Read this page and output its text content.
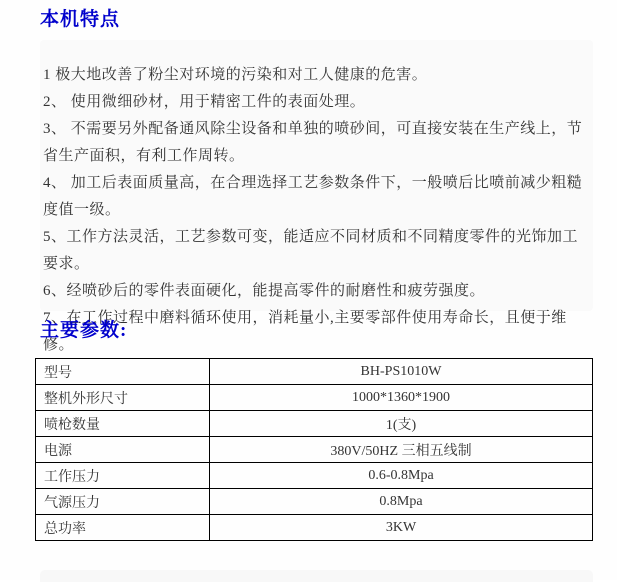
本机特点

1 极大地改善了粉尘对环境的污染和对工人健康的危害。

2、 使用微细砂材，用于精密工件的表面处理。

3、 不需要另外配备通风除尘设备和单独的喷砂间，可直接安装在生产线上，节省生产面积，有利工作周转。

4、 加工后表面质量高，在合理选择工艺参数条件下，一般喷后比喷前减少粗糙度值一级。

5、工作方法灵活，工艺参数可变，能适应不同材质和不同精度零件的光饰加工要求。

6、经喷砂后的零件表面硬化，能提高零件的耐磨性和疲劳强度。

7、在工作过程中磨料循环使用，消耗量小,主要零部件使用寿命长，且便于维修。

主要参数:
型号	BH-PS1010W
整机外形尺寸	1000*1360*1900
喷枪数量	1(支)
电源	380V/50HZ 三相五线制
工作压力	0.6-0.8Mpa
气源压力	0.8Mpa
总功率	3KW
